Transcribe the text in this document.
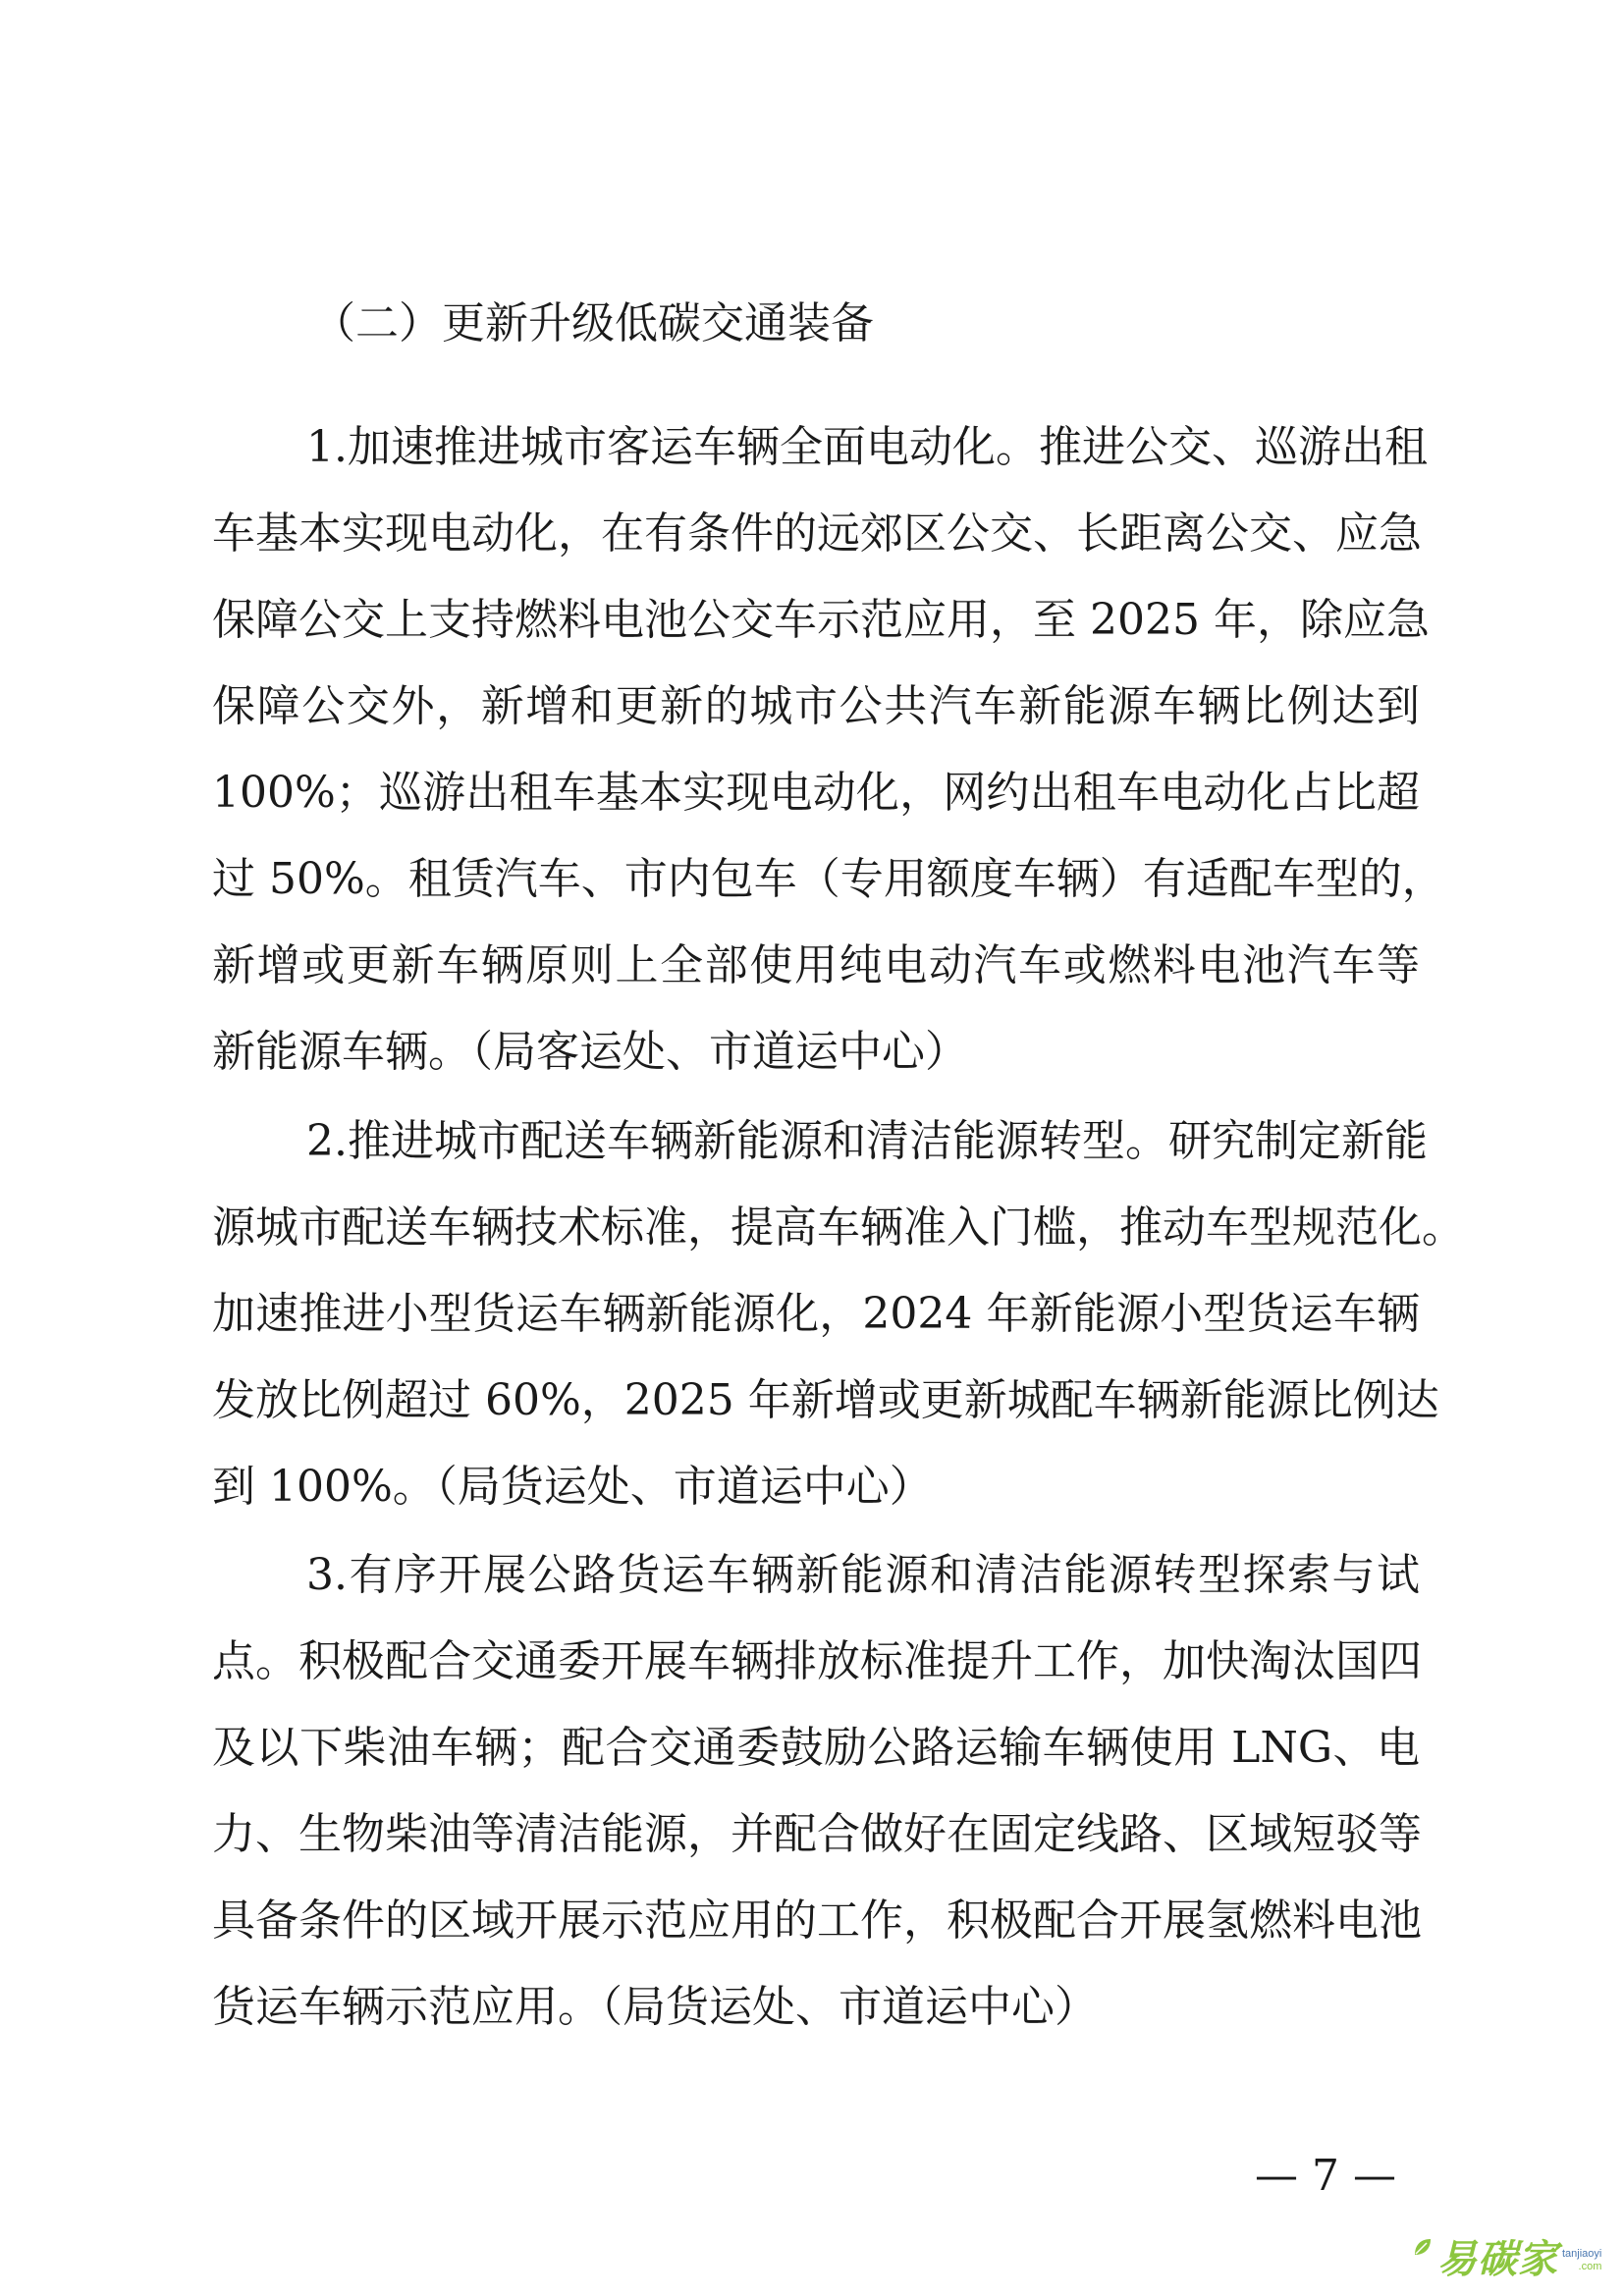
（二）更新升级低碳交通装备
1.加速推进城市客运车辆全面电动化。推进公交、巡游出租
车基本实现电动化，在有条件的远郊区公交、长距离公交、应急
保障公交上支持燃料电池公交车示范应用，至 2025 年，除应急
保障公交外，新增和更新的城市公共汽车新能源车辆比例达到
100%；巡游出租车基本实现电动化，网约出租车电动化占比超
过 50%。租赁汽车、市内包车（专用额度车辆）有适配车型的，
新增或更新车辆原则上全部使用纯电动汽车或燃料电池汽车等
新能源车辆。（局客运处、市道运中心）
2.推进城市配送车辆新能源和清洁能源转型。研究制定新能
源城市配送车辆技术标准，提高车辆准入门槛，推动车型规范化。
加速推进小型货运车辆新能源化，2024 年新能源小型货运车辆
发放比例超过 60%，2025 年新增或更新城配车辆新能源比例达
到 100%。（局货运处、市道运中心）
3.有序开展公路货运车辆新能源和清洁能源转型探索与试
点。积极配合交通委开展车辆排放标准提升工作，加快淘汰国四
及以下柴油车辆；配合交通委鼓励公路运输车辆使用 LNG、电
力、生物柴油等清洁能源，并配合做好在固定线路、区域短驳等
具备条件的区域开展示范应用的工作，积极配合开展氢燃料电池
货运车辆示范应用。（局货运处、市道运中心）
— 7 —
易碳家 tanjiaoyi
.com
